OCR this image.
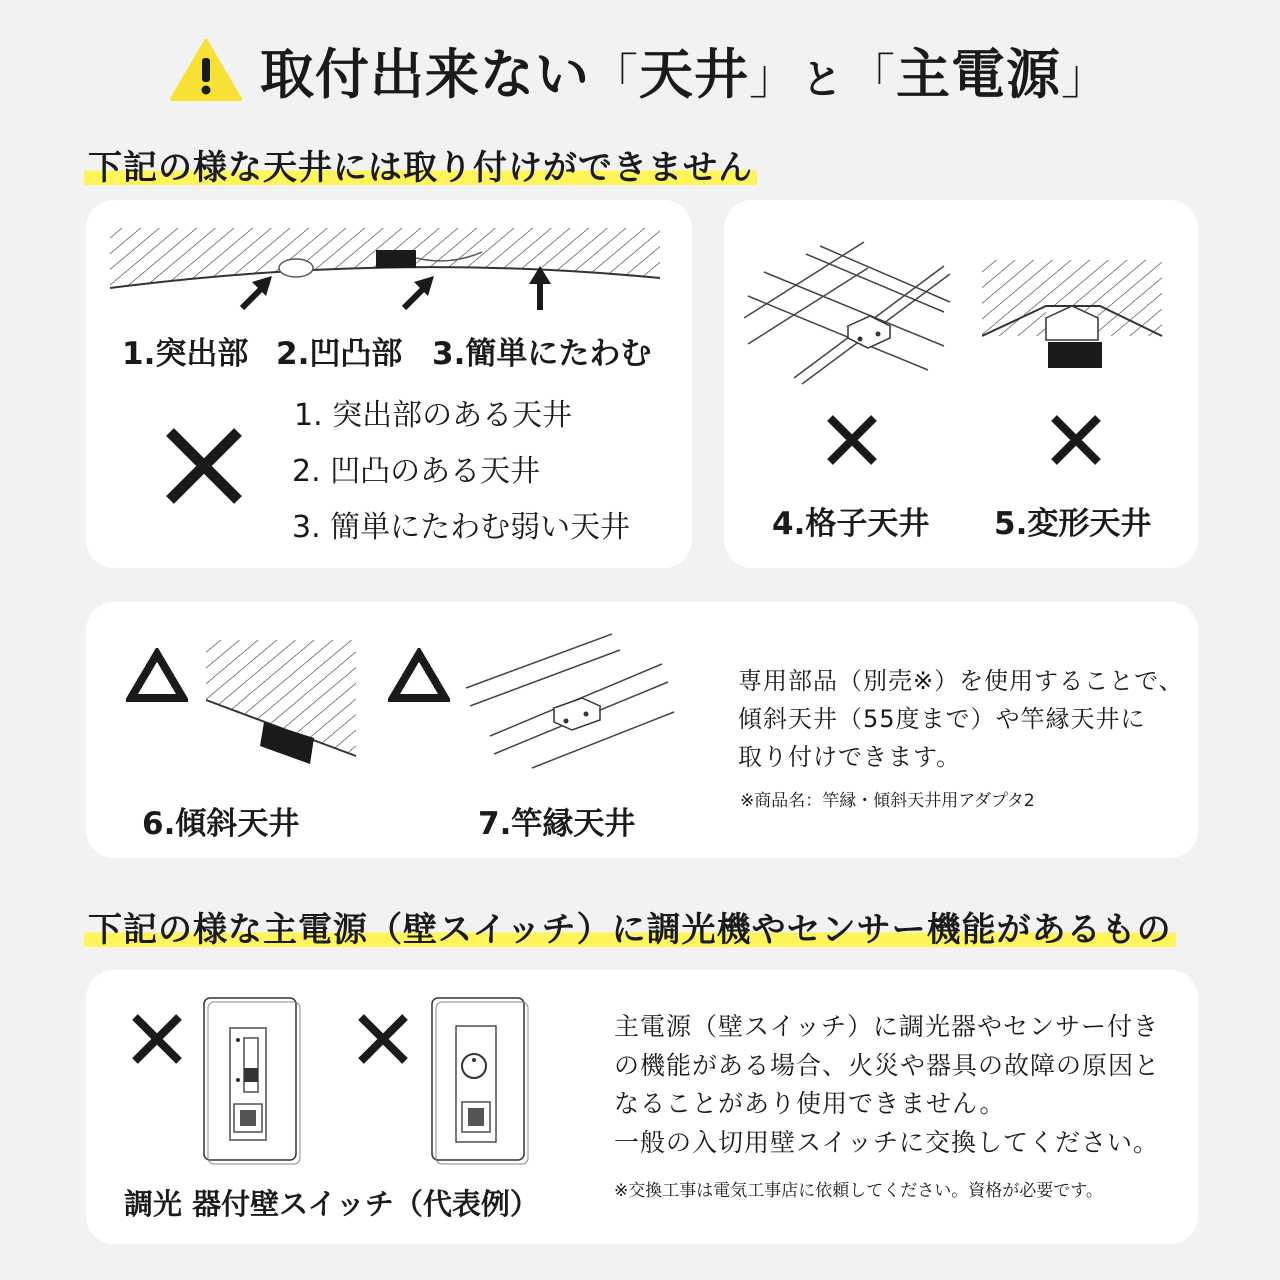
取付出来ない 「 天井 」 と 「 主電源 」
下記の様な天井には取り付けができません
1.突出部 2.凹凸部 3.簡単にたわむ
1. 突出部のある天井
2. 凹凸のある天井
3. 簡単にたわむ弱い天井	4.格子天井 5.変形天井
6.傾斜天井	7.竿縁天井
専用部品（別売※）を使用することで、
傾斜天井（55度まで）や竿縁天井に
取り付けできます。
※商品名：竿縁・傾斜天井用アダプタ2
下記の様な主電源（壁スイッチ）に調光機やセンサー機能があるもの
調光 器付壁スイッチ（代表例）
主電源（壁スイッチ）に調光器やセンサー付き
の機能がある場合、火災や器具の故障の原因と
なることがあり使用できません。
一般の入切用壁スイッチに交換してください。
※交換工事は電気工事店に依頼してください。資格が必要です。
